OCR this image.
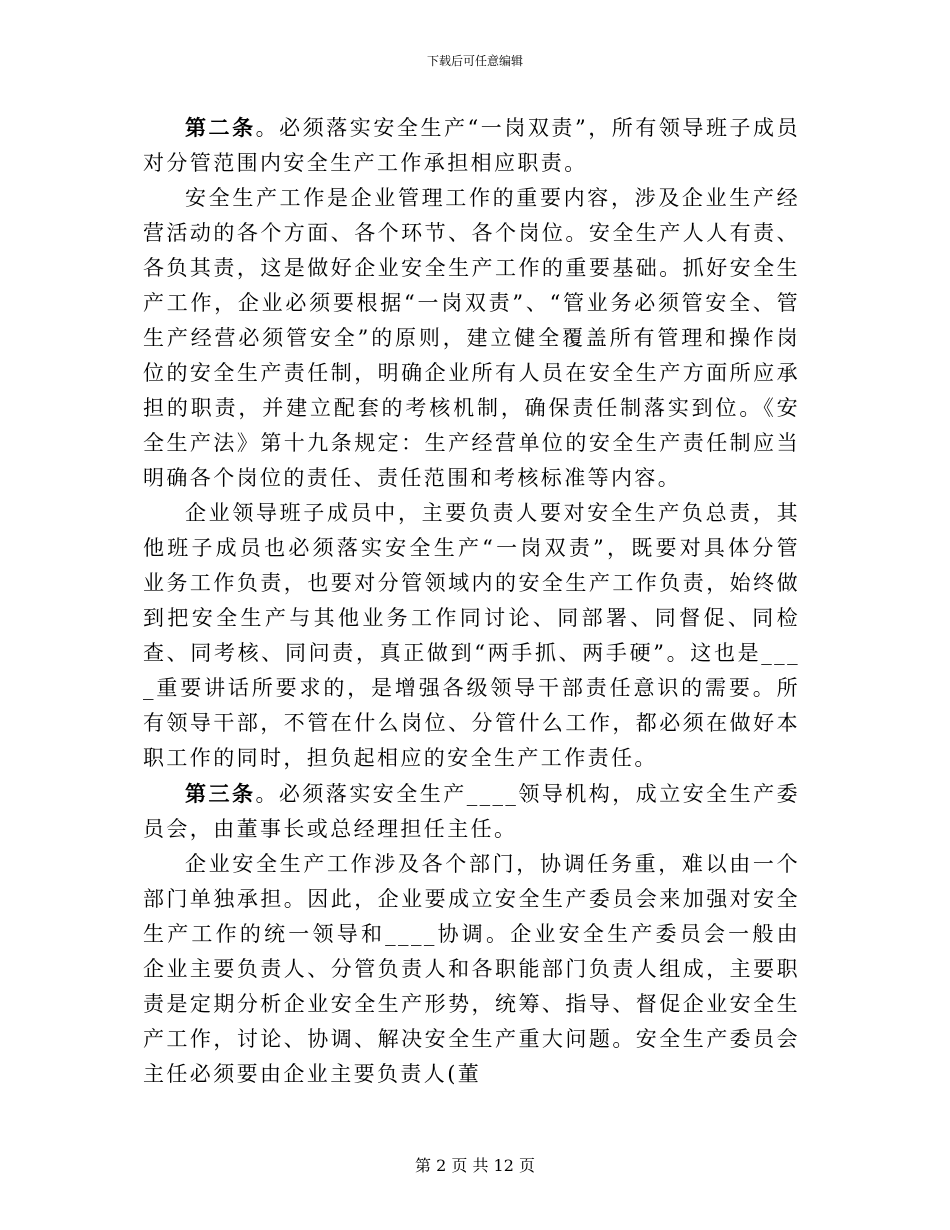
下载后可任意编辑

第二条。必须落实安全生产“一岗双责”，所有领导班子成员对分管范围内安全生产工作承担相应职责。

安全生产工作是企业管理工作的重要内容，涉及企业生产经营活动的各个方面、各个环节、各个岗位。安全生产人人有责、各负其责，这是做好企业安全生产工作的重要基础。抓好安全生产工作，企业必须要根据“一岗双责”、“管业务必须管安全、管生产经营必须管安全”的原则，建立健全覆盖所有管理和操作岗位的安全生产责任制，明确企业所有人员在安全生产方面所应承担的职责，并建立配套的考核机制，确保责任制落实到位。《安全生产法》第十九条规定：生产经营单位的安全生产责任制应当明确各个岗位的责任、责任范围和考核标准等内容。

企业领导班子成员中，主要负责人要对安全生产负总责，其他班子成员也必须落实安全生产“一岗双责”，既要对具体分管业务工作负责，也要对分管领域内的安全生产工作负责，始终做到把安全生产与其他业务工作同讨论、同部署、同督促、同检查、同考核、同问责，真正做到“两手抓、两手硬”。这也是____重要讲话所要求的，是增强各级领导干部责任意识的需要。所有领导干部，不管在什么岗位、分管什么工作，都必须在做好本职工作的同时，担负起相应的安全生产工作责任。

第三条。必须落实安全生产____领导机构，成立安全生产委员会，由董事长或总经理担任主任。

企业安全生产工作涉及各个部门，协调任务重，难以由一个部门单独承担。因此，企业要成立安全生产委员会来加强对安全生产工作的统一领导和____协调。企业安全生产委员会一般由企业主要负责人、分管负责人和各职能部门负责人组成，主要职责是定期分析企业安全生产形势，统筹、指导、督促企业安全生产工作，讨论、协调、解决安全生产重大问题。安全生产委员会主任必须要由企业主要负责人(董

第 2 页 共 12 页
